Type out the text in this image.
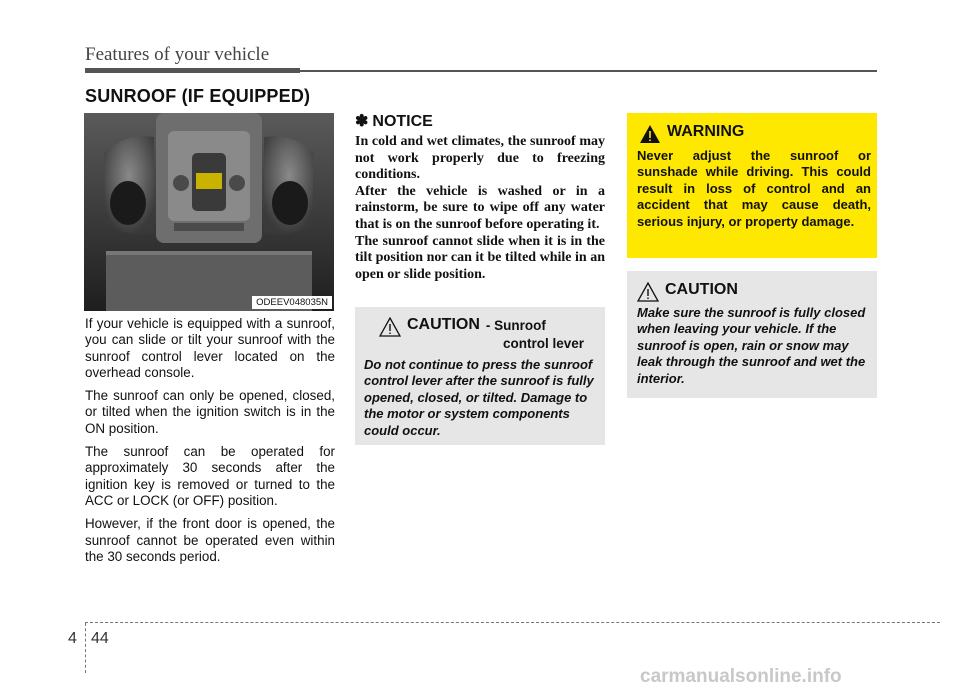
Features of your vehicle
SUNROOF (IF EQUIPPED)
ODEEV048035N

If your vehicle is equipped with a sunroof, you can slide or tilt your sunroof with the sunroof control lever located on the overhead console.

The sunroof can only be opened, closed, or tilted when the ignition switch is in the ON position.

The sunroof can be operated for approximately 30 seconds after the ignition key is removed or turned to the ACC or LOCK (or OFF) position.

However, if the front door is opened, the sunroof cannot be operated even within the 30 seconds period.

✽ NOTICE

In cold and wet climates, the sunroof may not work properly due to freezing conditions.

After the vehicle is washed or in a rainstorm, be sure to wipe off any water that is on the sunroof before operating it.

The sunroof cannot slide when it is in the tilt position nor can it be tilted while in an open or slide position.

CAUTION - Sunroof
control lever
Do not continue to press the sunroof control lever after the sunroof is fully opened, closed, or tilted. Damage to the motor or system components could occur.
WARNING
Never adjust the sunroof or sunshade while driving. This could result in loss of control and an accident that may cause death, serious injury, or property damage.
CAUTION
Make sure the sunroof is fully closed when leaving your vehicle. If the sunroof is open, rain or snow may leak through the sunroof and wet the interior.
4 44
carmanualsonline.info
